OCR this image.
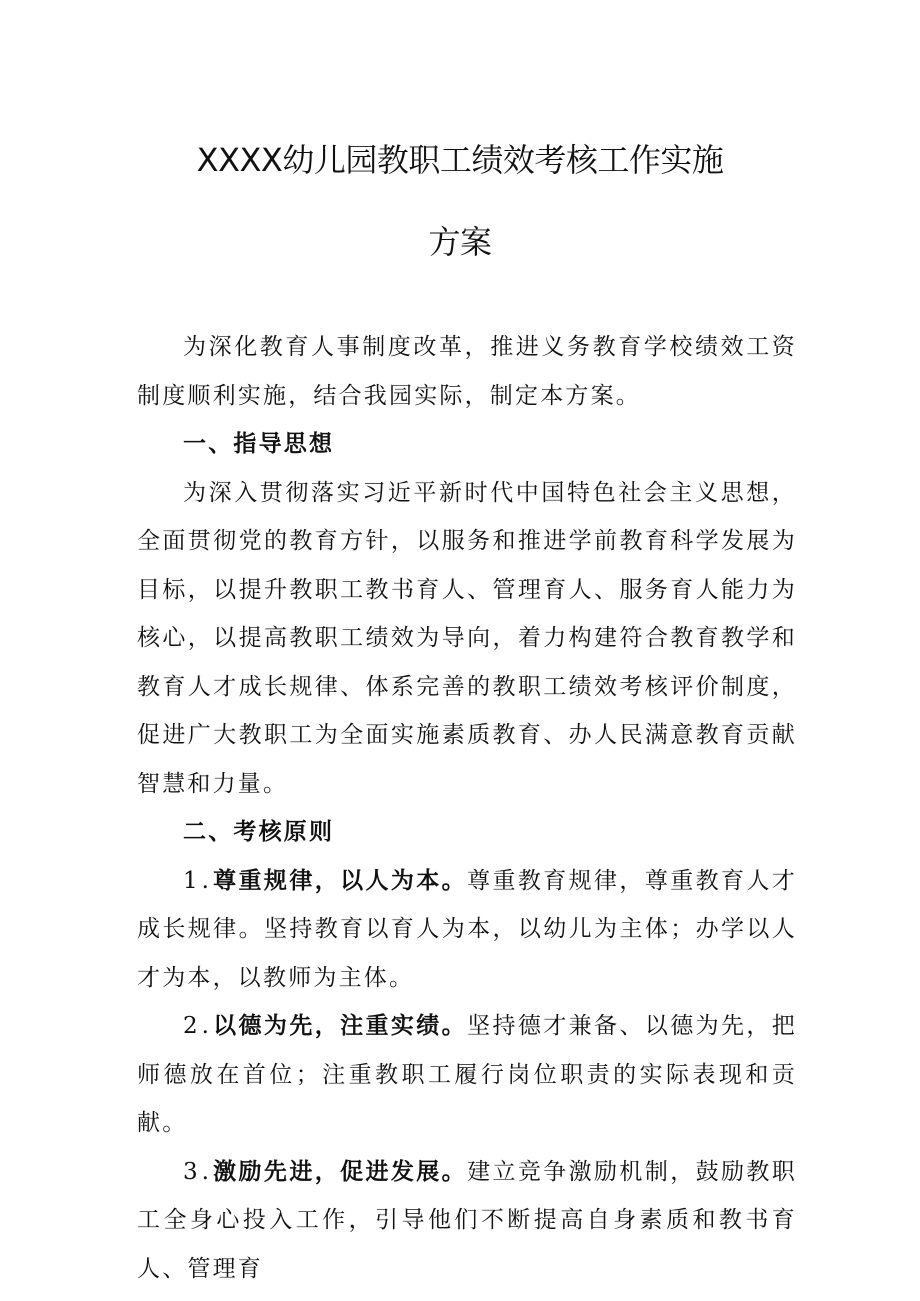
XXXX幼儿园教职工绩效考核工作实施
方案

为深化教育人事制度改革，推进义务教育学校绩效工资制度顺利实施，结合我园实际，制定本方案。

一、指导思想

为深入贯彻落实习近平新时代中国特色社会主义思想，全面贯彻党的教育方针，以服务和推进学前教育科学发展为目标，以提升教职工教书育人、管理育人、服务育人能力为核心，以提高教职工绩效为导向，着力构建符合教育教学和教育人才成长规律、体系完善的教职工绩效考核评价制度，促进广大教职工为全面实施素质教育、办人民满意教育贡献智慧和力量。

二、考核原则

1.尊重规律，以人为本。尊重教育规律，尊重教育人才成长规律。坚持教育以育人为本，以幼儿为主体；办学以人才为本，以教师为主体。

2.以德为先，注重实绩。坚持德才兼备、以德为先，把师德放在首位；注重教职工履行岗位职责的实际表现和贡献。

3.激励先进，促进发展。建立竞争激励机制，鼓励教职工全身心投入工作，引导他们不断提高自身素质和教书育人、管理育
